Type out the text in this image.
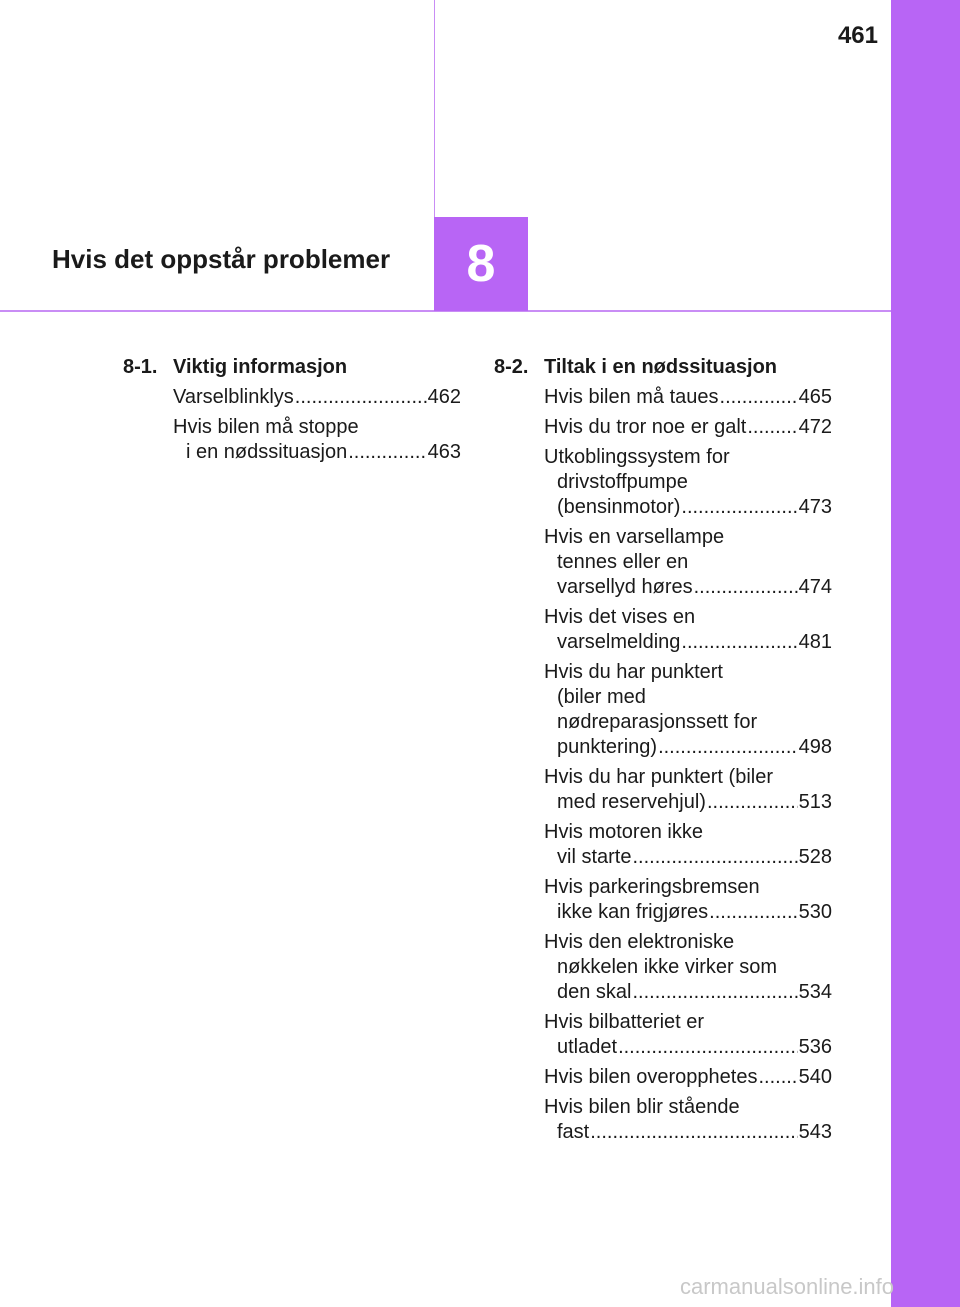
461
8
Hvis det oppstår problemer
8-1. Viktig informasjon
Varselblinklys .....	462
Hvis bilen må stoppe
i en nødssituasjon .....	463
8-2. Tiltak i en nødssituasjon
Hvis bilen må taues .....	465
Hvis du tror noe er galt .....	472
Utkoblingssystem for
drivstoffpumpe
(bensinmotor) .....	473
Hvis en varsellampe
tennes eller en
varsellyd høres .....	474
Hvis det vises en
varselmelding .....	481
Hvis du har punktert
(biler med
nødreparasjonssett for
punktering) .....	498
Hvis du har punktert (biler
med reservehjul) .....	513
Hvis motoren ikke
vil starte .....	528
Hvis parkeringsbremsen
ikke kan frigjøres .....	530
Hvis den elektroniske
nøkkelen ikke virker som
den skal .....	534
Hvis bilbatteriet er
utladet .....	536
Hvis bilen overopphetes ..... 540
Hvis bilen blir stående
fast .....	543
carmanualsonline.info
